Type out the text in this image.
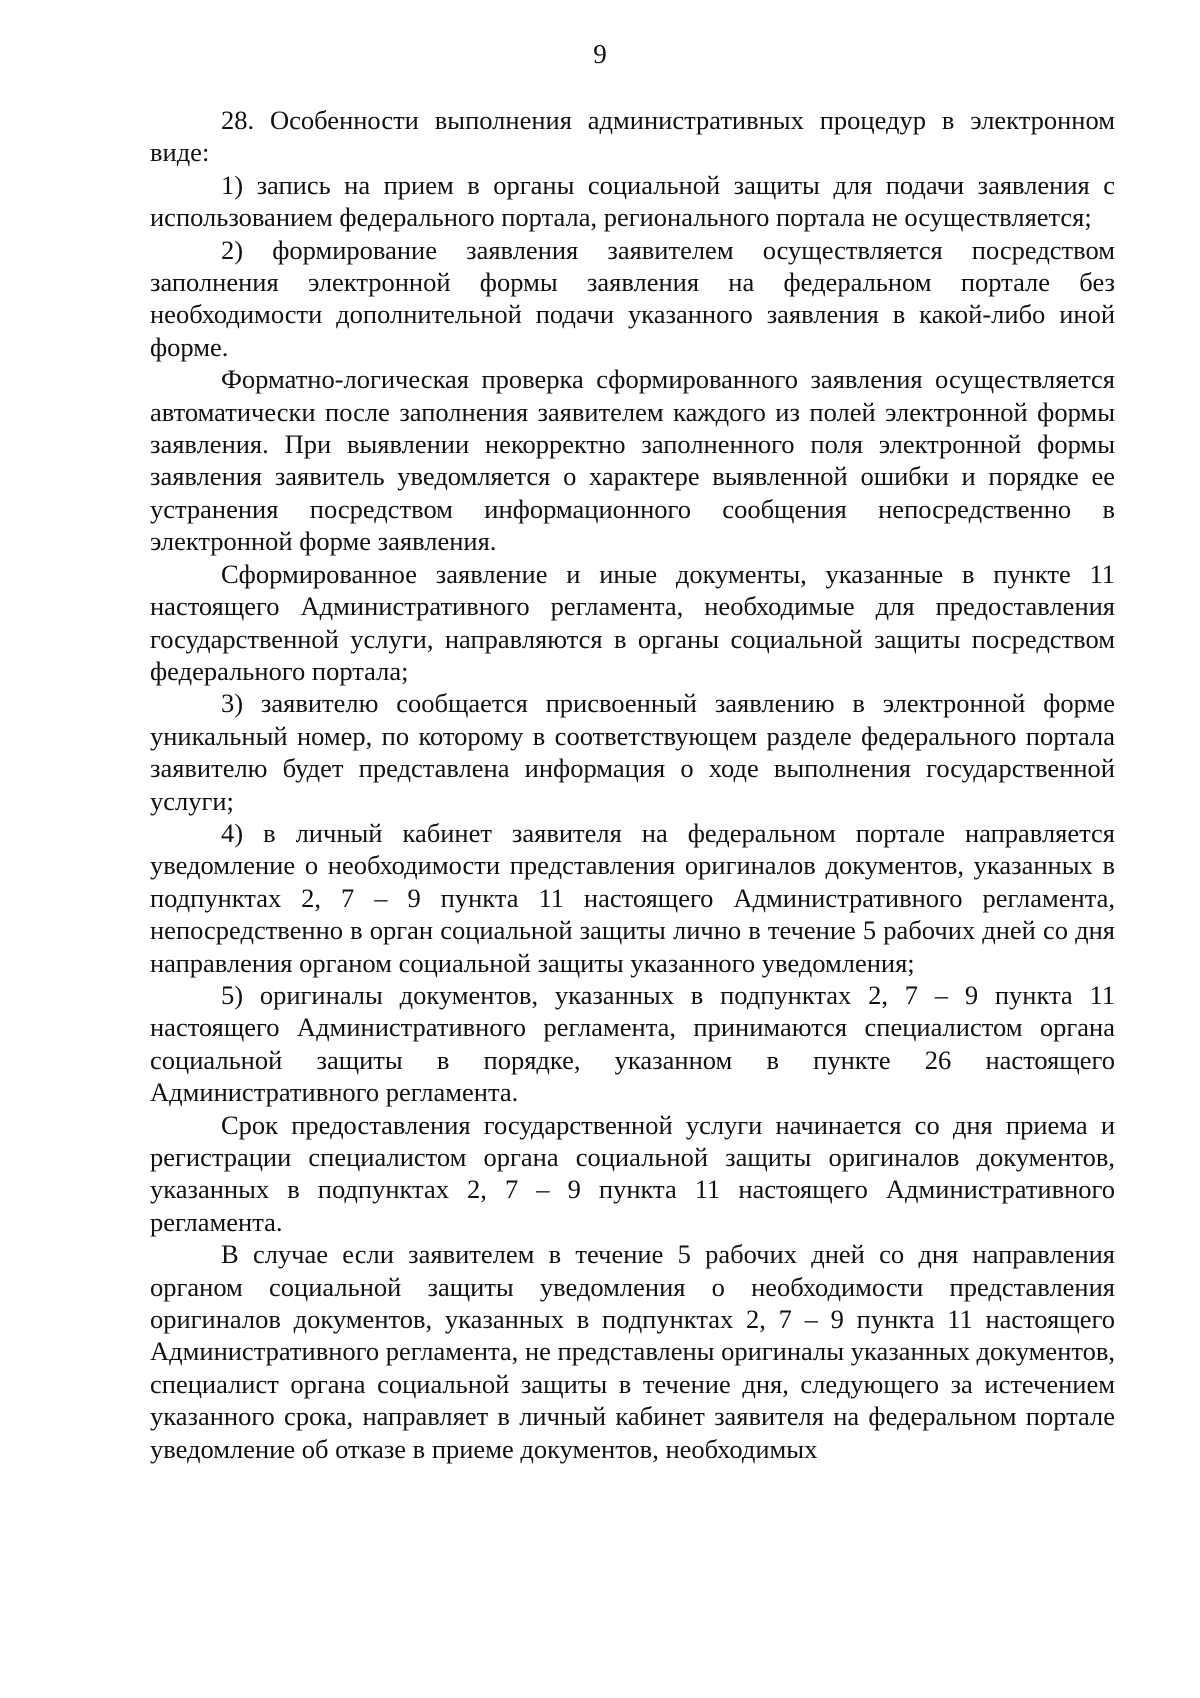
9

28. Особенности выполнения административных процедур в электронном виде:

1) запись на прием в органы социальной защиты для подачи заявления с использованием федерального портала, регионального портала не осуществляется;

2) формирование заявления заявителем осуществляется посредством заполнения электронной формы заявления на федеральном портале без необходимости дополнительной подачи указанного заявления в какой-либо иной форме.

Форматно-логическая проверка сформированного заявления осуществляется автоматически после заполнения заявителем каждого из полей электронной формы заявления. При выявлении некорректно заполненного поля электронной формы заявления заявитель уведомляется о характере выявленной ошибки и порядке ее устранения посредством информационного сообщения непосредственно в электронной форме заявления.

Сформированное заявление и иные документы, указанные в пункте 11 настоящего Административного регламента, необходимые для предоставления государственной услуги, направляются в органы социальной защиты посредством федерального портала;

3) заявителю сообщается присвоенный заявлению в электронной форме уникальный номер, по которому в соответствующем разделе федерального портала заявителю будет представлена информация о ходе выполнения государственной услуги;

4) в личный кабинет заявителя на федеральном портале направляется уведомление о необходимости представления оригиналов документов, указанных в подпунктах 2, 7 – 9 пункта 11 настоящего Административного регламента, непосредственно в орган социальной защиты лично в течение 5 рабочих дней со дня направления органом социальной защиты указанного уведомления;

5) оригиналы документов, указанных в подпунктах 2, 7 – 9 пункта 11 настоящего Административного регламента, принимаются специалистом органа социальной защиты в порядке, указанном в пункте 26 настоящего Административного регламента.

Срок предоставления государственной услуги начинается со дня приема и регистрации специалистом органа социальной защиты оригиналов документов, указанных в подпунктах 2, 7 – 9 пункта 11 настоящего Административного регламента.

В случае если заявителем в течение 5 рабочих дней со дня направления органом социальной защиты уведомления о необходимости представления оригиналов документов, указанных в подпунктах 2, 7 – 9 пункта 11 настоящего Административного регламента, не представлены оригиналы указанных документов, специалист органа социальной защиты в течение дня, следующего за истечением указанного срока, направляет в личный кабинет заявителя на федеральном портале уведомление об отказе в приеме документов, необходимых
